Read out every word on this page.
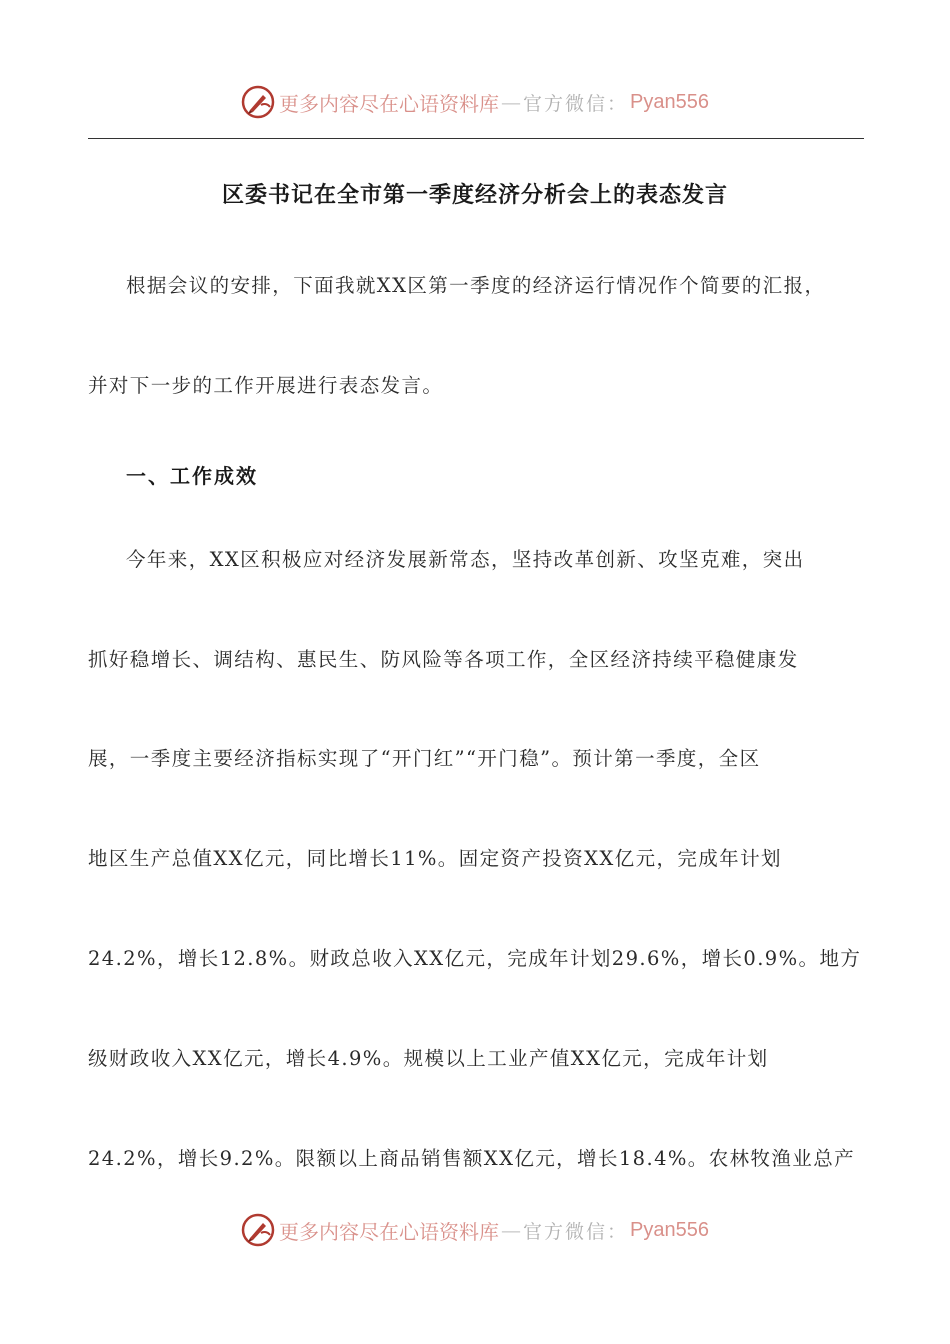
更多内容尽在心语资料库 — 官方微信： Pyan556
区委书记在全市第一季度经济分析会上的表态发言
根据会议的安排，下面我就XX区第一季度的经济运行情况作个简要的汇报，
并对下一步的工作开展进行表态发言。
一、工作成效
今年来，XX区积极应对经济发展新常态，坚持改革创新、攻坚克难，突出
抓好稳增长、调结构、惠民生、防风险等各项工作，全区经济持续平稳健康发
展，一季度主要经济指标实现了“开门红”“开门稳”。预计第一季度，全区
地区生产总值XX亿元，同比增长11%。固定资产投资XX亿元，完成年计划
24.2%，增长12.8%。财政总收入XX亿元，完成年计划29.6%，增长0.9%。地方
级财政收入XX亿元，增长4.9%。规模以上工业产值XX亿元，完成年计划
24.2%，增长9.2%。限额以上商品销售额XX亿元，增长18.4%。农林牧渔业总产
更多内容尽在心语资料库 — 官方微信： Pyan556
